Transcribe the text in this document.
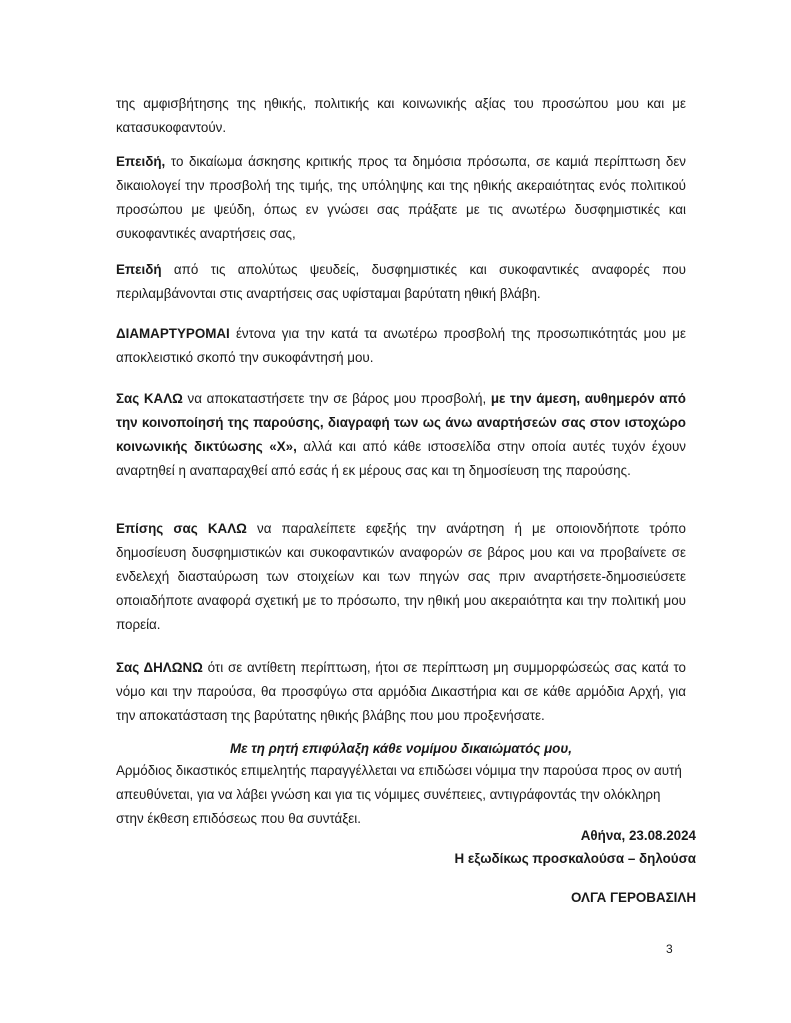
της αμφισβήτησης της ηθικής, πολιτικής και κοινωνικής αξίας του προσώπου μου και με κατασυκοφαντούν.
Επειδή, το δικαίωμα άσκησης κριτικής προς τα δημόσια πρόσωπα, σε καμιά περίπτωση δεν δικαιολογεί την προσβολή της τιμής, της υπόληψης και της ηθικής ακεραιότητας ενός πολιτικού προσώπου με ψεύδη, όπως εν γνώσει σας πράξατε με τις ανωτέρω δυσφημιστικές και συκοφαντικές αναρτήσεις σας,
Επειδή από τις απολύτως ψευδείς, δυσφημιστικές και συκοφαντικές αναφορές που περιλαμβάνονται στις αναρτήσεις σας υφίσταμαι βαρύτατη ηθική βλάβη.
ΔΙΑΜΑΡΤΥΡΟΜΑΙ έντονα για την κατά τα ανωτέρω προσβολή της προσωπικότητάς μου με αποκλειστικό σκοπό την συκοφάντησή μου.
Σας ΚΑΛΩ να αποκαταστήσετε την σε βάρος μου προσβολή, με την άμεση, αυθημερόν από την κοινοποίησή της παρούσης, διαγραφή των ως άνω αναρτήσεών σας στον ιστοχώρο κοινωνικής δικτύωσης «Χ», αλλά και από κάθε ιστοσελίδα στην οποία αυτές τυχόν έχουν αναρτηθεί η αναπαραχθεί από εσάς ή εκ μέρους σας και τη δημοσίευση της παρούσης.
Επίσης σας ΚΑΛΩ να παραλείπετε εφεξής την ανάρτηση ή με οποιονδήποτε τρόπο δημοσίευση δυσφημιστικών και συκοφαντικών αναφορών σε βάρος μου και να προβαίνετε σε ενδελεχή διασταύρωση των στοιχείων και των πηγών σας πριν αναρτήσετε-δημοσιεύσετε οποιαδήποτε αναφορά σχετική με το πρόσωπο, την ηθική μου ακεραιότητα και την πολιτική μου πορεία.
Σας ΔΗΛΩΝΩ ότι σε αντίθετη περίπτωση, ήτοι σε περίπτωση μη συμμορφώσεώς σας κατά το νόμο και την παρούσα, θα προσφύγω στα αρμόδια Δικαστήρια και σε κάθε αρμόδια Αρχή, για την αποκατάσταση της βαρύτατης ηθικής βλάβης που μου προξενήσατε.
Με τη ρητή επιφύλαξη κάθε νομίμου δικαιώματός μου,
Αρμόδιος δικαστικός επιμελητής παραγγέλλεται να επιδώσει νόμιμα την παρούσα προς ον αυτή απευθύνεται, για να λάβει γνώση και για τις νόμιμες συνέπειες, αντιγράφοντάς την ολόκληρη στην έκθεση επιδόσεως που θα συντάξει.
Αθήνα, 23.08.2024
Η εξωδίκως προσκαλούσα – δηλούσα
ΟΛΓΑ ΓΕΡΟΒΑΣΙΛΗ
3
